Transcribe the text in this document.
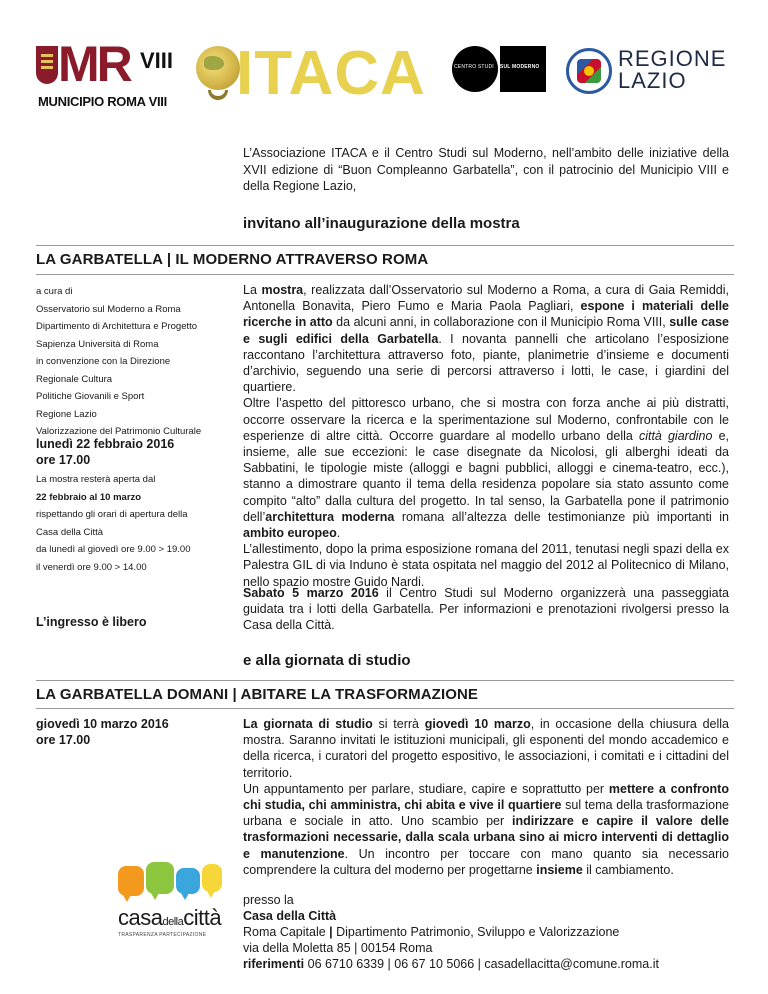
MR VIII
MUNICIPIO ROMA VIII ITACA	CENTRO STUDI SUL MODERNO	REGIONE
LAZIO
L’Associazione ITACA e il Centro Studi sul Moderno, nell’ambito delle iniziative della XVII edizione di “Buon Compleanno Garbatella”, con il patrocinio del Municipio VIII e della Regione Lazio,
invitano all’inaugurazione della mostra
LA GARBATELLA | IL MODERNO ATTRAVERSO ROMA
a cura di
Osservatorio sul Moderno a Roma
Dipartimento di Architettura e Progetto
Sapienza Università di Roma
in convenzione con la Direzione
Regionale Cultura
Politiche Giovanili e Sport
Regione Lazio
Valorizzazione del Patrimonio Culturale
lunedì 22 febbraio 2016
ore 17.00
La mostra resterà aperta dal
22 febbraio al 10 marzo
rispettando gli orari di apertura della
Casa della Città
da lunedì al giovedì ore 9.00 > 19.00
il venerdì ore 9.00 > 14.00
L’ingresso è libero
La mostra, realizzata dall’Osservatorio sul Moderno a Roma, a cura di Gaia Remiddi, Antonella Bonavita, Piero Fumo e Maria Paola Pagliari, espone i materiali delle ricerche in atto da alcuni anni, in collaborazione con il Municipio Roma VIII, sulle case e sugli edifici della Garbatella. I novanta pannelli che articolano l’esposizione raccontano l’architettura attraverso foto, piante, planimetrie d’insieme e documenti d’archivio, seguendo una serie di percorsi attraverso i lotti, le case, i giardini del quartiere.
Oltre l’aspetto del pittoresco urbano, che si mostra con forza anche ai più distratti, occorre osservare la ricerca e la sperimentazione sul Moderno, confrontabile con le esperienze di altre città. Occorre guardare al modello urbano della città giardino e, insieme, alle sue eccezioni: le case disegnate da Nicolosi, gli alberghi ideati da Sabbatini, le tipologie miste (alloggi e bagni pubblici, alloggi e cinema-teatro, ecc.), stanno a dimostrare quanto il tema della residenza popolare sia stato assunto come compito “alto” dalla cultura del progetto. In tal senso, la Garbatella pone il patrimonio dell’architettura moderna romana all’altezza delle testimonianze più importanti in ambito europeo.
L’allestimento, dopo la prima esposizione romana del 2011, tenutasi negli spazi della ex Palestra GIL di via Induno è stata ospitata nel maggio del 2012 al Politecnico di Milano, nello spazio mostre Guido Nardi.
Sabato 5 marzo 2016 il Centro Studi sul Moderno organizzerà una passeggiata guidata tra i lotti della Garbatella. Per informazioni e prenotazioni rivolgersi presso la Casa della Città.
e alla giornata di studio
LA GARBATELLA DOMANI | ABITARE LA TRASFORMAZIONE
giovedì 10 marzo 2016
ore 17.00
La giornata di studio si terrà giovedì 10 marzo, in occasione della chiusura della mostra. Saranno invitati le istituzioni municipali, gli esponenti del mondo accademico e della ricerca, i curatori del progetto espositivo, le associazioni, i comitati e i cittadini del territorio.
Un appuntamento per parlare, studiare, capire e soprattutto per mettere a confronto chi studia, chi amministra, chi abita e vive il quartiere sul tema della trasformazione urbana e sociale in atto. Uno scambio per indirizzare e capire il valore delle trasformazioni necessarie, dalla scala urbana sino ai micro interventi di dettaglio e manutenzione. Un incontro per toccare con mano quanto sia necessario comprendere la cultura del moderno per progettarne insieme il cambiamento.
casadellacittà
TRASPARENZA PARTECIPAZIONE
presso la
Casa della Città
Roma Capitale | Dipartimento Patrimonio, Sviluppo e Valorizzazione
via della Moletta 85 | 00154 Roma
riferimenti 06 6710 6339 | 06 67 10 5066 | casadellacitta@comune.roma.it
